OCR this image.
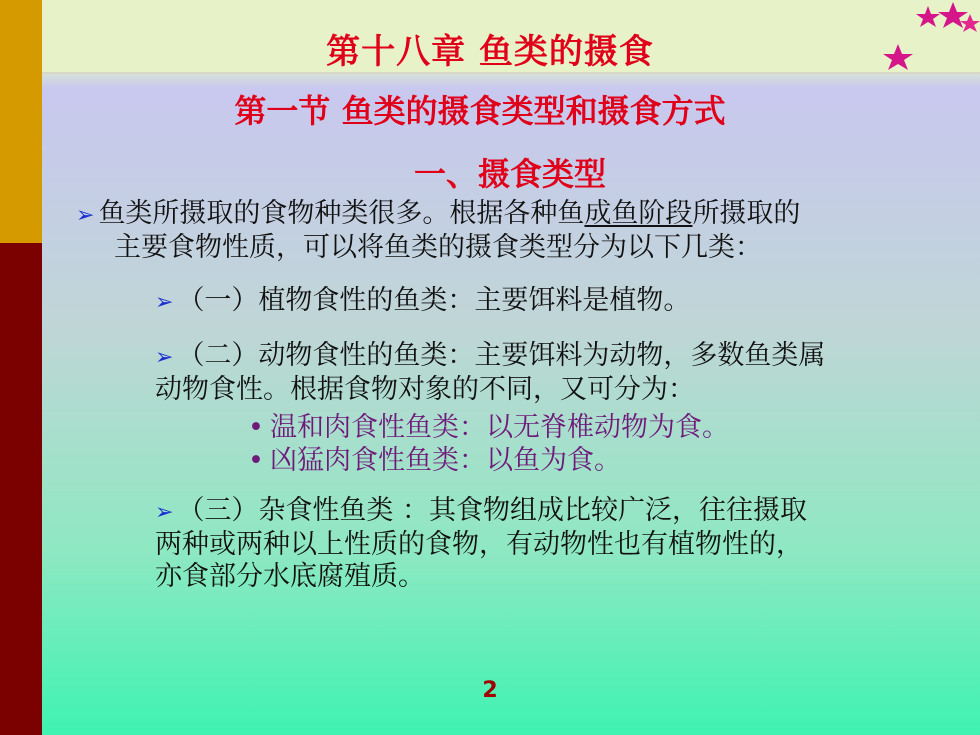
第十八章 鱼类的摄食
第一节 鱼类的摄食类型和摄食方式
一、摄食类型
➢ 鱼类所摄取的食物种类很多。根据各种鱼成鱼阶段所摄取的
主要食物性质，可以将鱼类的摄食类型分为以下几类：
➢ （一）植物食性的鱼类：主要饵料是植物。
➢ （二）动物食性的鱼类：主要饵料为动物，多数鱼类属
动物食性。根据食物对象的不同，又可分为：
• 温和肉食性鱼类：以无脊椎动物为食。
• 凶猛肉食性鱼类：以鱼为食。
➢ （三）杂食性鱼类 ：其食物组成比较广泛，往往摄取
两种或两种以上性质的食物，有动物性也有植物性的，
亦食部分水底腐殖质。
2
